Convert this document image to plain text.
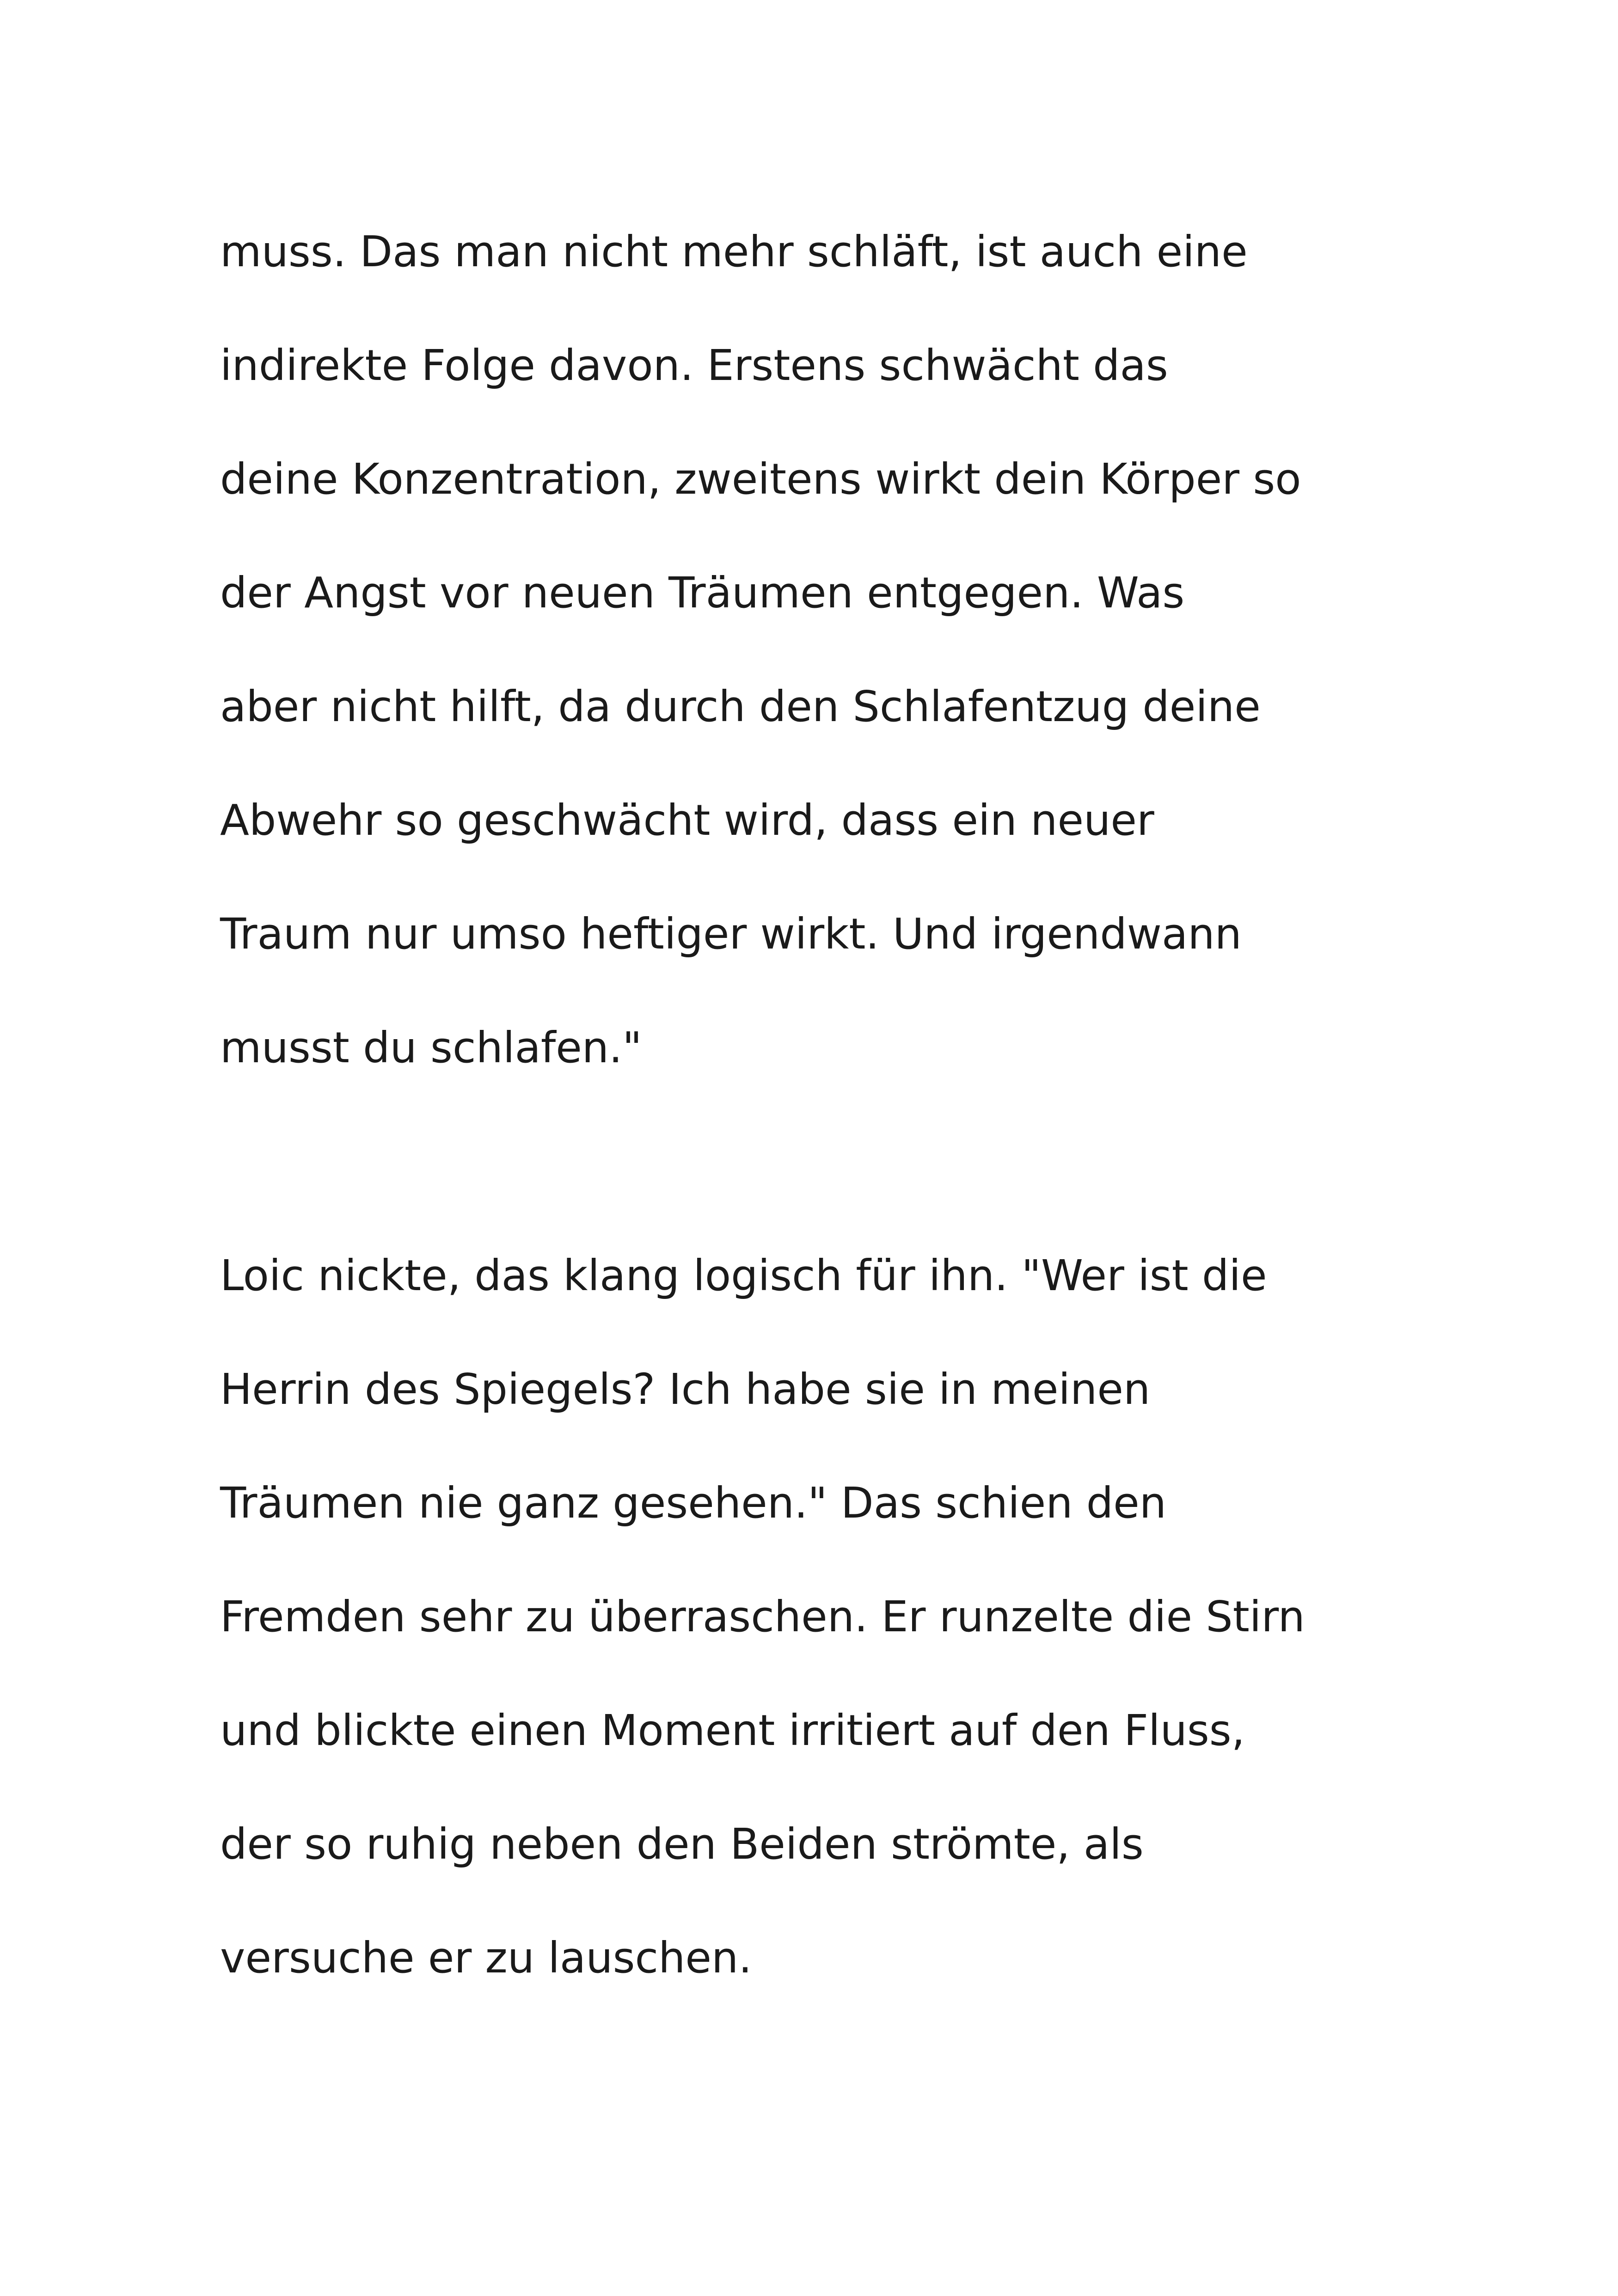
muss. Das man nicht mehr schläft, ist auch eine
indirekte Folge davon. Erstens schwächt das
deine Konzentration, zweitens wirkt dein Körper so
der Angst vor neuen Träumen entgegen. Was
aber nicht hilft, da durch den Schlafentzug deine
Abwehr so geschwächt wird, dass ein neuer
Traum nur umso heftiger wirkt. Und irgendwann
musst du schlafen."
Loic nickte, das klang logisch für ihn. "Wer ist die
Herrin des Spiegels? Ich habe sie in meinen
Träumen nie ganz gesehen." Das schien den
Fremden sehr zu überraschen. Er runzelte die Stirn
und blickte einen Moment irritiert auf den Fluss,
der so ruhig neben den Beiden strömte, als
versuche er zu lauschen.
